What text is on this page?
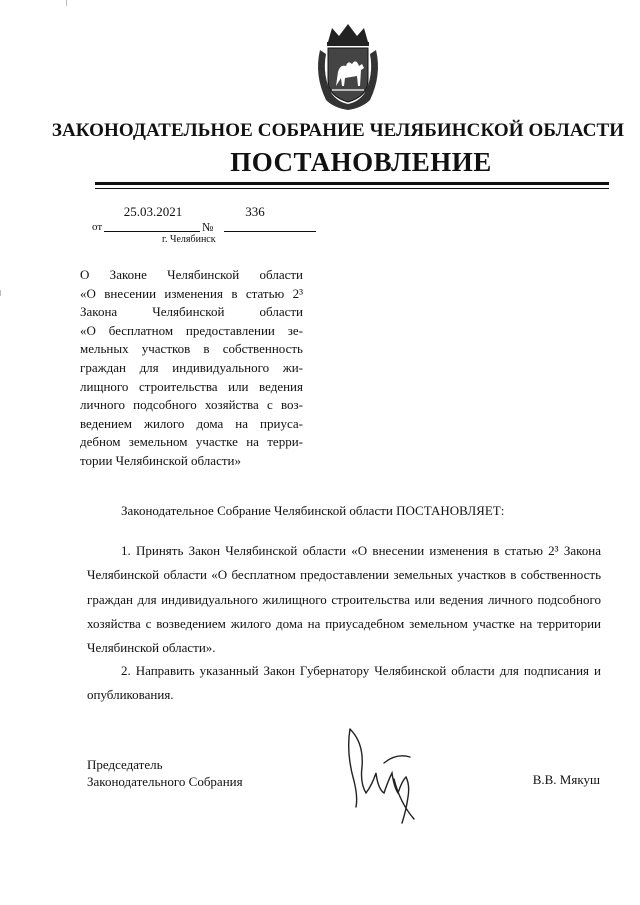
ЗАКОНОДАТЕЛЬНОЕ СОБРАНИЕ ЧЕЛЯБИНСКОЙ ОБЛАСТИ
ПОСТАНОВЛЕНИЕ
25.03.2021
от	№
336
г. Челябинск
О Законе Челябинской области
«О внесении изменения в статью 2³
Закона Челябинской области
«О бесплатном предоставлении зе-
мельных участков в собственность
граждан для индивидуального жи-
лищного строительства или ведения
личного подсобного хозяйства с воз-
ведением жилого дома на приуса-
дебном земельном участке на терри-
тории Челябинской области»
Законодательное Собрание Челябинской области ПОСТАНОВЛЯЕТ:
1. Принять Закон Челябинской области «О внесении изменения в статью 2³ Закона Челябинской области «О бесплатном предоставлении земельных участков в собственность граждан для индивидуального жилищного строительства или ведения личного подсобного хозяйства с возведением жилого дома на приусадебном земельном участке на территории Челябинской области».
2. Направить указанный Закон Губернатору Челябинской области для подписания и опубликования.
Председатель
Законодательного Собрания	В.В. Мякуш
